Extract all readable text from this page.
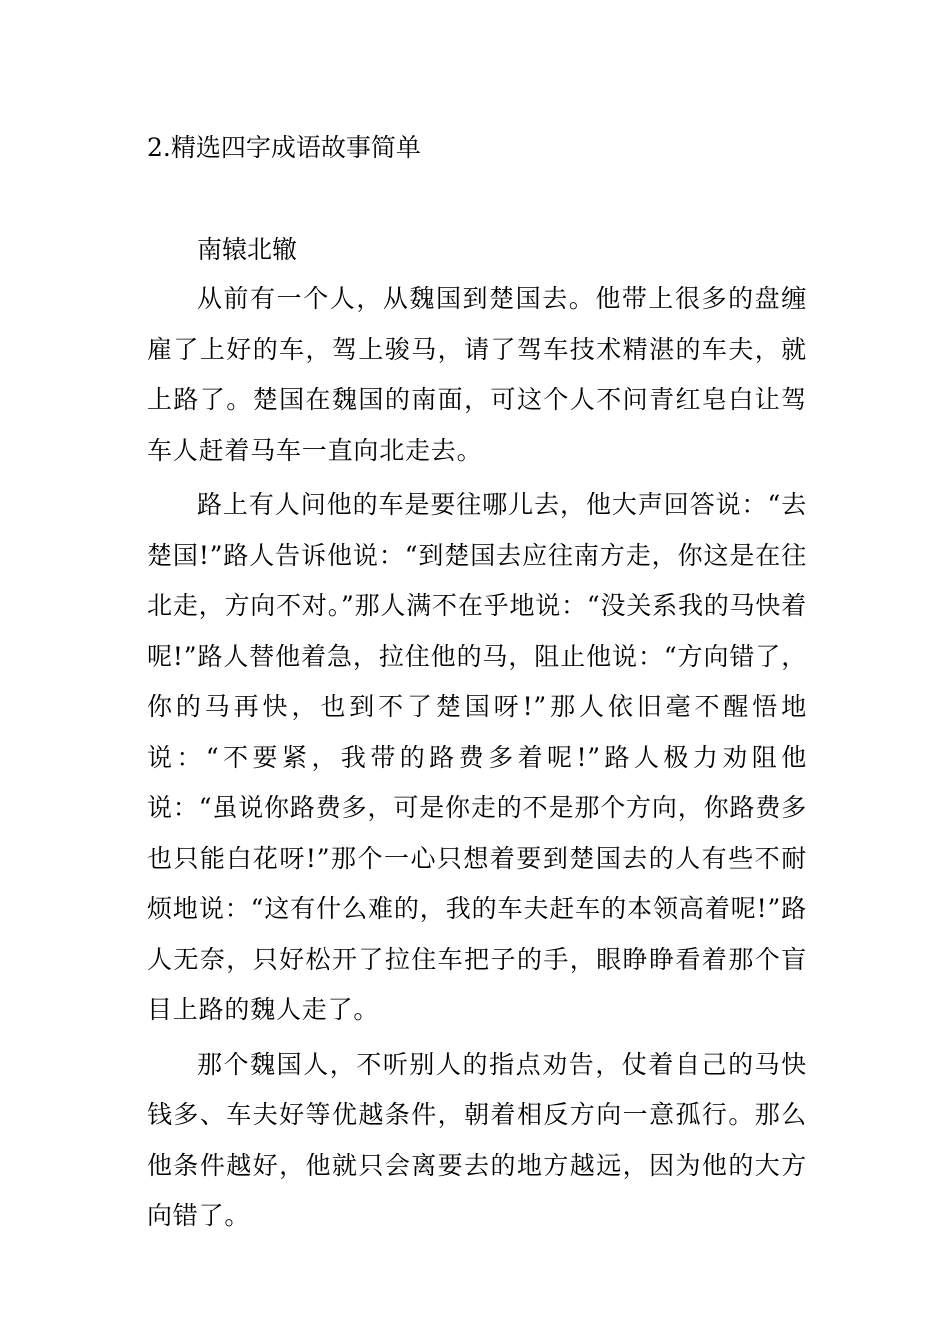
2.精选四字成语故事简单
南辕北辙

从前有一个人，从魏国到楚国去。他带上很多的盘缠雇了上好的车，驾上骏马，请了驾车技术精湛的车夫，就上路了。楚国在魏国的南面，可这个人不问青红皂白让驾车人赶着马车一直向北走去。

路上有人问他的车是要往哪儿去，他大声回答说：“去楚国!”路人告诉他说：“到楚国去应往南方走，你这是在往北走，方向不对。”那人满不在乎地说：“没关系我的马快着呢!”路人替他着急，拉住他的马，阻止他说：“方向错了，你的马再快，也到不了楚国呀!”那人依旧毫不醒悟地说：“不要紧，我带的路费多着呢!”路人极力劝阻他说：“虽说你路费多，可是你走的不是那个方向，你路费多也只能白花呀!”那个一心只想着要到楚国去的人有些不耐烦地说：“这有什么难的，我的车夫赶车的本领高着呢!”路人无奈，只好松开了拉住车把子的手，眼睁睁看着那个盲目上路的魏人走了。

那个魏国人，不听别人的指点劝告，仗着自己的马快钱多、车夫好等优越条件，朝着相反方向一意孤行。那么他条件越好，他就只会离要去的地方越远，因为他的大方向错了。
